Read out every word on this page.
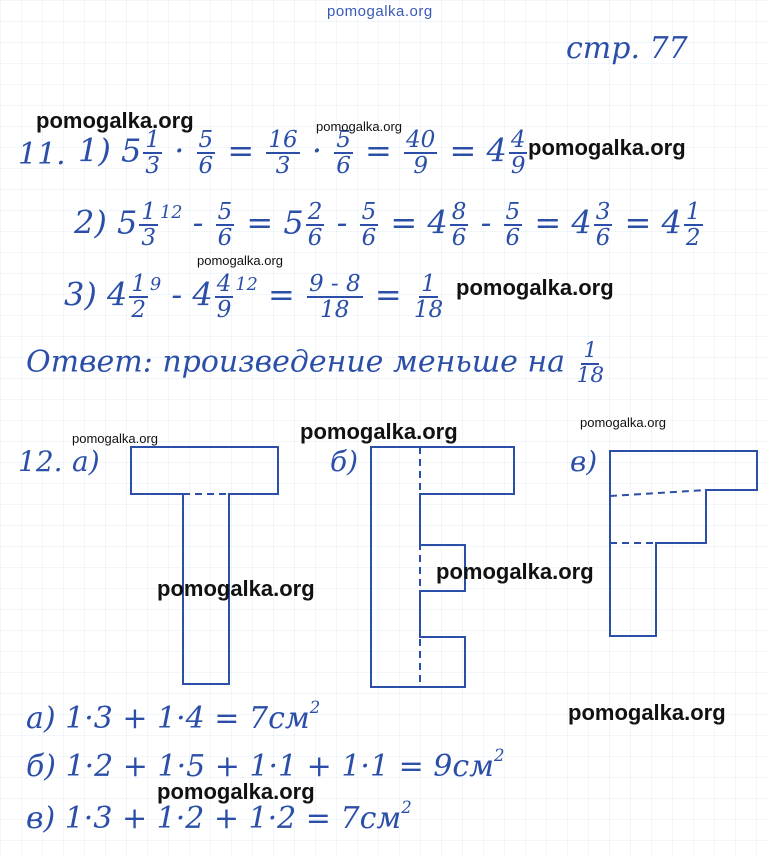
pomogalka.org
стр. 77
11. 1) $5 \frac{1}{3} \cdot \frac{5}{6} = \frac{16}{3} \cdot \frac{5}{6} = \frac{40}{9} = 4 \frac{4}{9}$
2) $5 \frac{1}{3} ^{12} - \frac{5}{6} = 5 \frac{2}{6} - \frac{5}{6} = 4 \frac{8}{6} - \frac{5}{6} = 4 \frac{3}{6} = 4 \frac{1}{2}$
3) $4 \frac{1}{2} ^9 - 4 \frac{4}{9} ^{12} = \frac{9 - 8}{18} = \frac{1}{18}$
Ответ: произведение меньше на $\frac{1}{18}$
12. а)	б)	в)
а) $1\cdot 3 + 1\cdot 4 = 7см^2$
б) $1\cdot 2 + 1\cdot 5 + 1\cdot 1 + 1\cdot 1 = 9см^2$
в) $1\cdot 3 + 1\cdot 2 + 1\cdot 2 = 7см^2$
pomogalka.org	pomogalka.org
pomogalka.org
pomogalka.org
pomogalka.org
pomogalka.org
pomogalka.org
pomogalka.org
pomogalka.org
pomogalka.org
pomogalka.org
pomogalka.org
